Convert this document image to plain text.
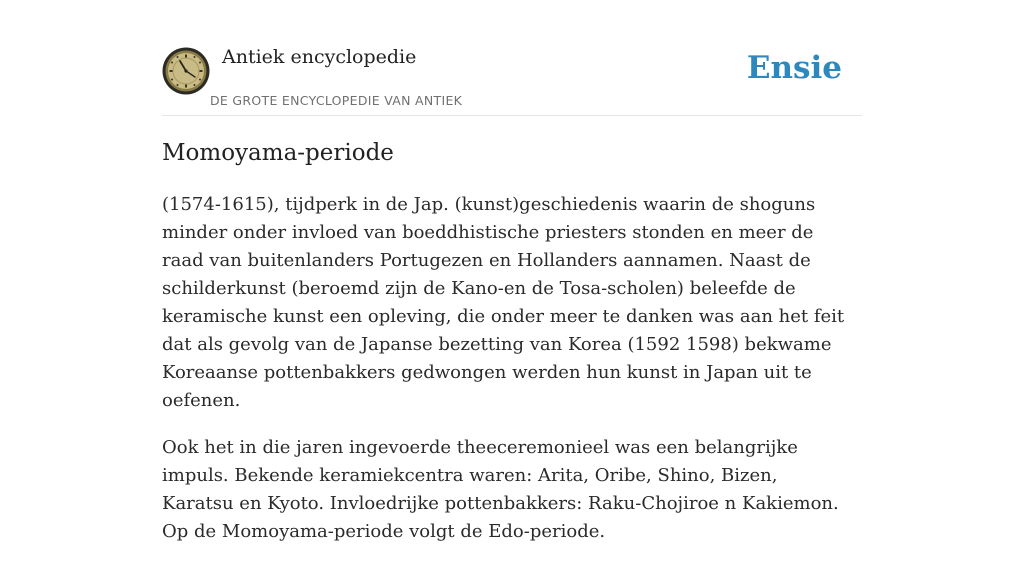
Antiek encyclopedie
DE GROTE ENCYCLOPEDIE VAN ANTIEK
Ensie
Momoyama-periode

(1574-1615), tijdperk in de Jap. (kunst)geschiedenis waarin de shoguns minder onder invloed van boeddhistische priesters stonden en meer de raad van buitenlanders Portugezen en Hollanders aannamen. Naast de schilderkunst (beroemd zijn de Kano-en de Tosa-scholen) beleefde de keramische kunst een opleving, die onder meer te danken was aan het feit dat als gevolg van de Japanse bezetting van Korea (1592 1598) bekwame Koreaanse pottenbakkers gedwongen werden hun kunst in Japan uit te oefenen.

Ook het in die jaren ingevoerde theeceremonieel was een belangrijke impuls. Bekende keramiekcentra waren: Arita, Oribe, Shino, Bizen, Karatsu en Kyoto. Invloedrijke pottenbakkers: Raku-Chojiroe n Kakiemon. Op de Momoyama-periode volgt de Edo-periode.
